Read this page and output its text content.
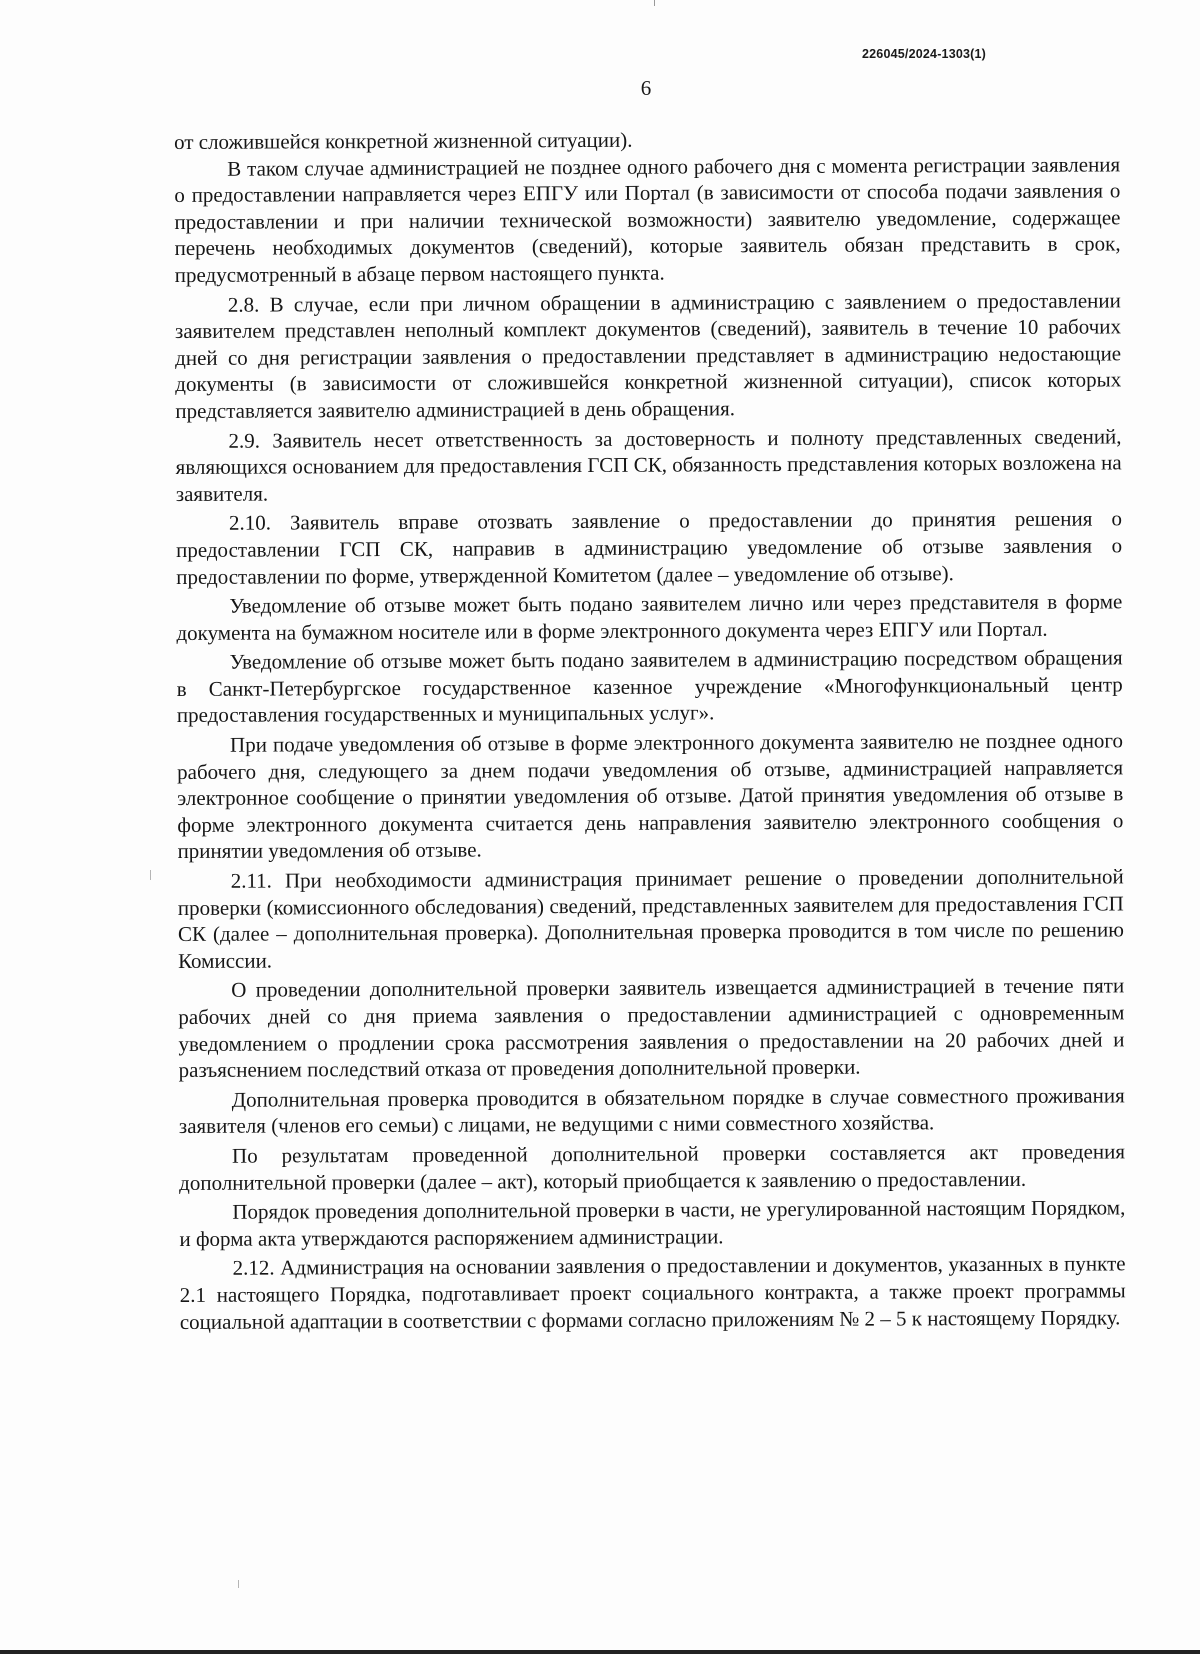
226045/2024-1303(1)
6

от сложившейся конкретной жизненной ситуации).

В таком случае администрацией не позднее одного рабочего дня с момента регистрации заявления о предоставлении направляется через ЕПГУ или Портал (в зависимости от способа подачи заявления о предоставлении и при наличии технической возможности) заявителю уведомление, содержащее перечень необходимых документов (сведений), которые заявитель обязан представить в срок, предусмотренный в абзаце первом настоящего пункта.

2.8. В случае, если при личном обращении в администрацию с заявлением о предоставлении заявителем представлен неполный комплект документов (сведений), заявитель в течение 10 рабочих дней со дня регистрации заявления о предоставлении представляет в администрацию недостающие документы (в зависимости от сложившейся конкретной жизненной ситуации), список которых представляется заявителю администрацией в день обращения.

2.9. Заявитель несет ответственность за достоверность и полноту представленных сведений, являющихся основанием для предоставления ГСП СК, обязанность представления которых возложена на заявителя.

2.10. Заявитель вправе отозвать заявление о предоставлении до принятия решения о предоставлении ГСП СК, направив в администрацию уведомление об отзыве заявления о предоставлении по форме, утвержденной Комитетом (далее – уведомление об отзыве).

Уведомление об отзыве может быть подано заявителем лично или через представителя в форме документа на бумажном носителе или в форме электронного документа через ЕПГУ или Портал.

Уведомление об отзыве может быть подано заявителем в администрацию посредством обращения в Санкт-Петербургское государственное казенное учреждение «Многофункциональный центр предоставления государственных и муниципальных услуг».

При подаче уведомления об отзыве в форме электронного документа заявителю не позднее одного рабочего дня, следующего за днем подачи уведомления об отзыве, администрацией направляется электронное сообщение о принятии уведомления об отзыве. Датой принятия уведомления об отзыве в форме электронного документа считается день направления заявителю электронного сообщения о принятии уведомления об отзыве.

2.11. При необходимости администрация принимает решение о проведении дополнительной проверки (комиссионного обследования) сведений, представленных заявителем для предоставления ГСП СК (далее – дополнительная проверка). Дополнительная проверка проводится в том числе по решению Комиссии.

О проведении дополнительной проверки заявитель извещается администрацией в течение пяти рабочих дней со дня приема заявления о предоставлении администрацией с одновременным уведомлением о продлении срока рассмотрения заявления о предоставлении на 20 рабочих дней и разъяснением последствий отказа от проведения дополнительной проверки.

Дополнительная проверка проводится в обязательном порядке в случае совместного проживания заявителя (членов его семьи) с лицами, не ведущими с ними совместного хозяйства.

По результатам проведенной дополнительной проверки составляется акт проведения дополнительной проверки (далее – акт), который приобщается к заявлению о предоставлении.

Порядок проведения дополнительной проверки в части, не урегулированной настоящим Порядком, и форма акта утверждаются распоряжением администрации.

2.12. Администрация на основании заявления о предоставлении и документов, указанных в пункте 2.1 настоящего Порядка, подготавливает проект социального контракта, а также проект программы социальной адаптации в соответствии с формами согласно приложениям № 2 – 5 к настоящему Порядку.
